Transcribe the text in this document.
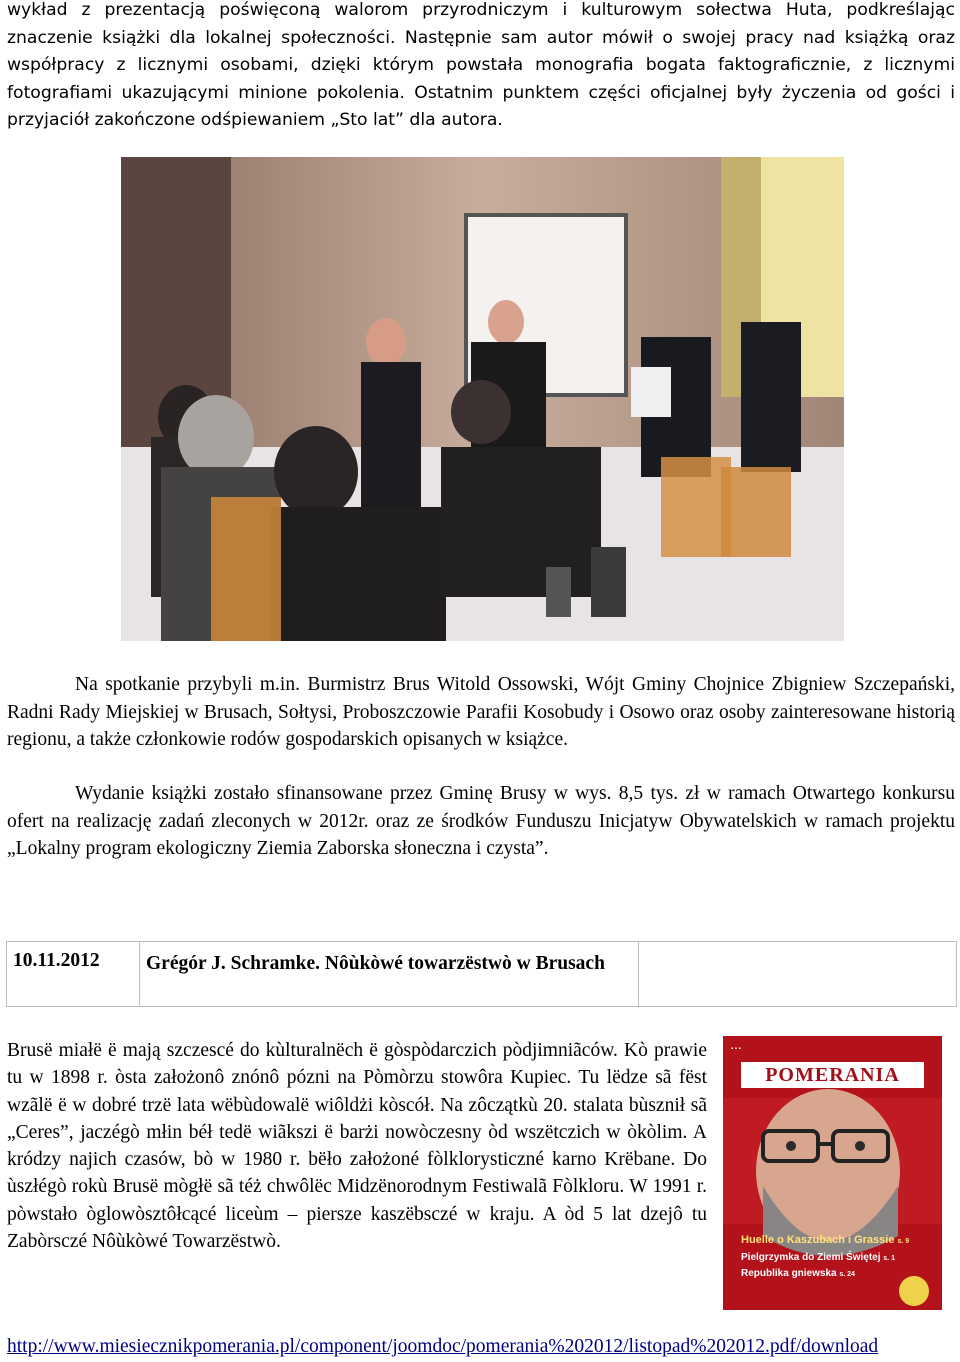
wykład z prezentacją poświęconą walorom przyrodniczym i kulturowym sołectwa Huta, podkreślając znaczenie książki dla lokalnej społeczności. Następnie sam autor mówił o swojej pracy nad książką oraz współpracy z licznymi osobami, dzięki którym powstała monografia bogata faktograficznie, z licznymi fotografiami ukazującymi minione pokolenia. Ostatnim punktem części oficjalnej były życzenia od gości i przyjaciół zakończone odśpiewaniem „Sto lat” dla autora.

Na spotkanie przybyli m.in. Burmistrz Brus Witold Ossowski, Wójt Gminy Chojnice Zbigniew Szczepański, Radni Rady Miejskiej w Brusach, Sołtysi, Proboszczowie Parafii Kosobudy i Osowo oraz osoby zainteresowane historią regionu, a także członkowie rodów gospodarskich opisanych w książce.

Wydanie książki zostało sfinansowane przez Gminę Brusy w wys. 8,5 tys. zł w ramach Otwartego konkursu ofert na realizację zadań zleconych w 2012r. oraz ze środków Funduszu Inicjatyw Obywatelskich w ramach projektu „Lokalny program ekologiczny Ziemia Zaborska słoneczna i czysta”.

10.11.2012	Grégór J. Schramke. Nôùkòwé towarzëstwò w Brusach	

Brusë miałë ë mają szczescé do kùlturalnëch ë gòspòdarczich pòdjimniãców. Kò prawie tu w 1898 r. òsta założonô znónô pózni na Pòmòrzu stowôra Kupiec. Tu lëdze sã fëst wzãlë ë w dobré trzë lata wëbùdowalë wiôldżi kòscół. Na zôczątkù 20. stalata bùsznił sã „Ceres”, jaczégò młin béł tedë wiãkszi ë barżi nowòczesny òd wszëtczich w òkòlim. A kródzy najich czasów, bò w 1980 r. bëło założoné fòlklorysticzné karno Krëbane. Do ùszłégò rokù Brusë mògłë sã téż chwôlëc Midzënorodnym Festiwalã Fòlkloru. W 1991 r. pòwstało òglowòsztôłcącé liceùm – piersze kaszëbsczé w kraju. A òd 5 lat dzejô tu Zabòrsczé Nôùkòwé Towarzëstwò.

▪ ▪ ▪
POMERANIA
Huelle o Kaszubach i Grassie s. 9
Pielgrzymka do Ziemi Świętej s. 1
Republika gniewska s. 24
http://www.miesiecznikpomerania.pl/component/joomdoc/pomerania%202012/listopad%202012.pdf/download
